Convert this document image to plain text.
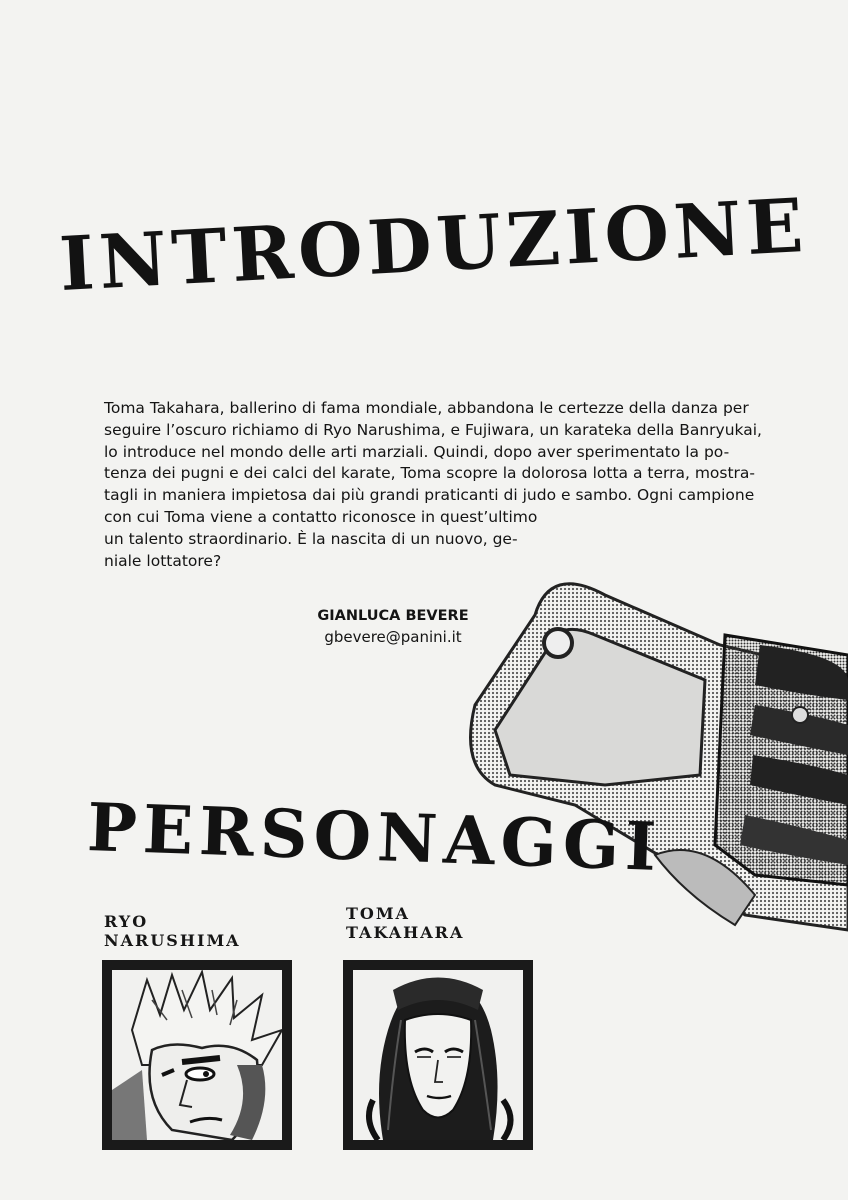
INTRODUZIONE

Toma Takahara, ballerino di fama mondiale, abbandona le certezze della danza per
seguire l’oscuro richiamo di Ryo Narushima, e Fujiwara, un karateka della Banryukai,
lo introduce nel mondo delle arti marziali. Quindi, dopo aver sperimentato la po-
tenza dei pugni e dei calci del karate, Toma scopre la dolorosa lotta a terra, mostra-
tagli in maniera impietosa dai più grandi praticanti di judo e sambo. Ogni campione
con cui Toma viene a contatto riconosce in quest’ultimo
un talento straordinario. È la nascita di un nuovo, ge-
niale lottatore?

GIANLUCA BEVERE
gbevere@panini.it
PERSONAGGI
RYO
NARUSHIMA
TOMA
TAKAHARA
